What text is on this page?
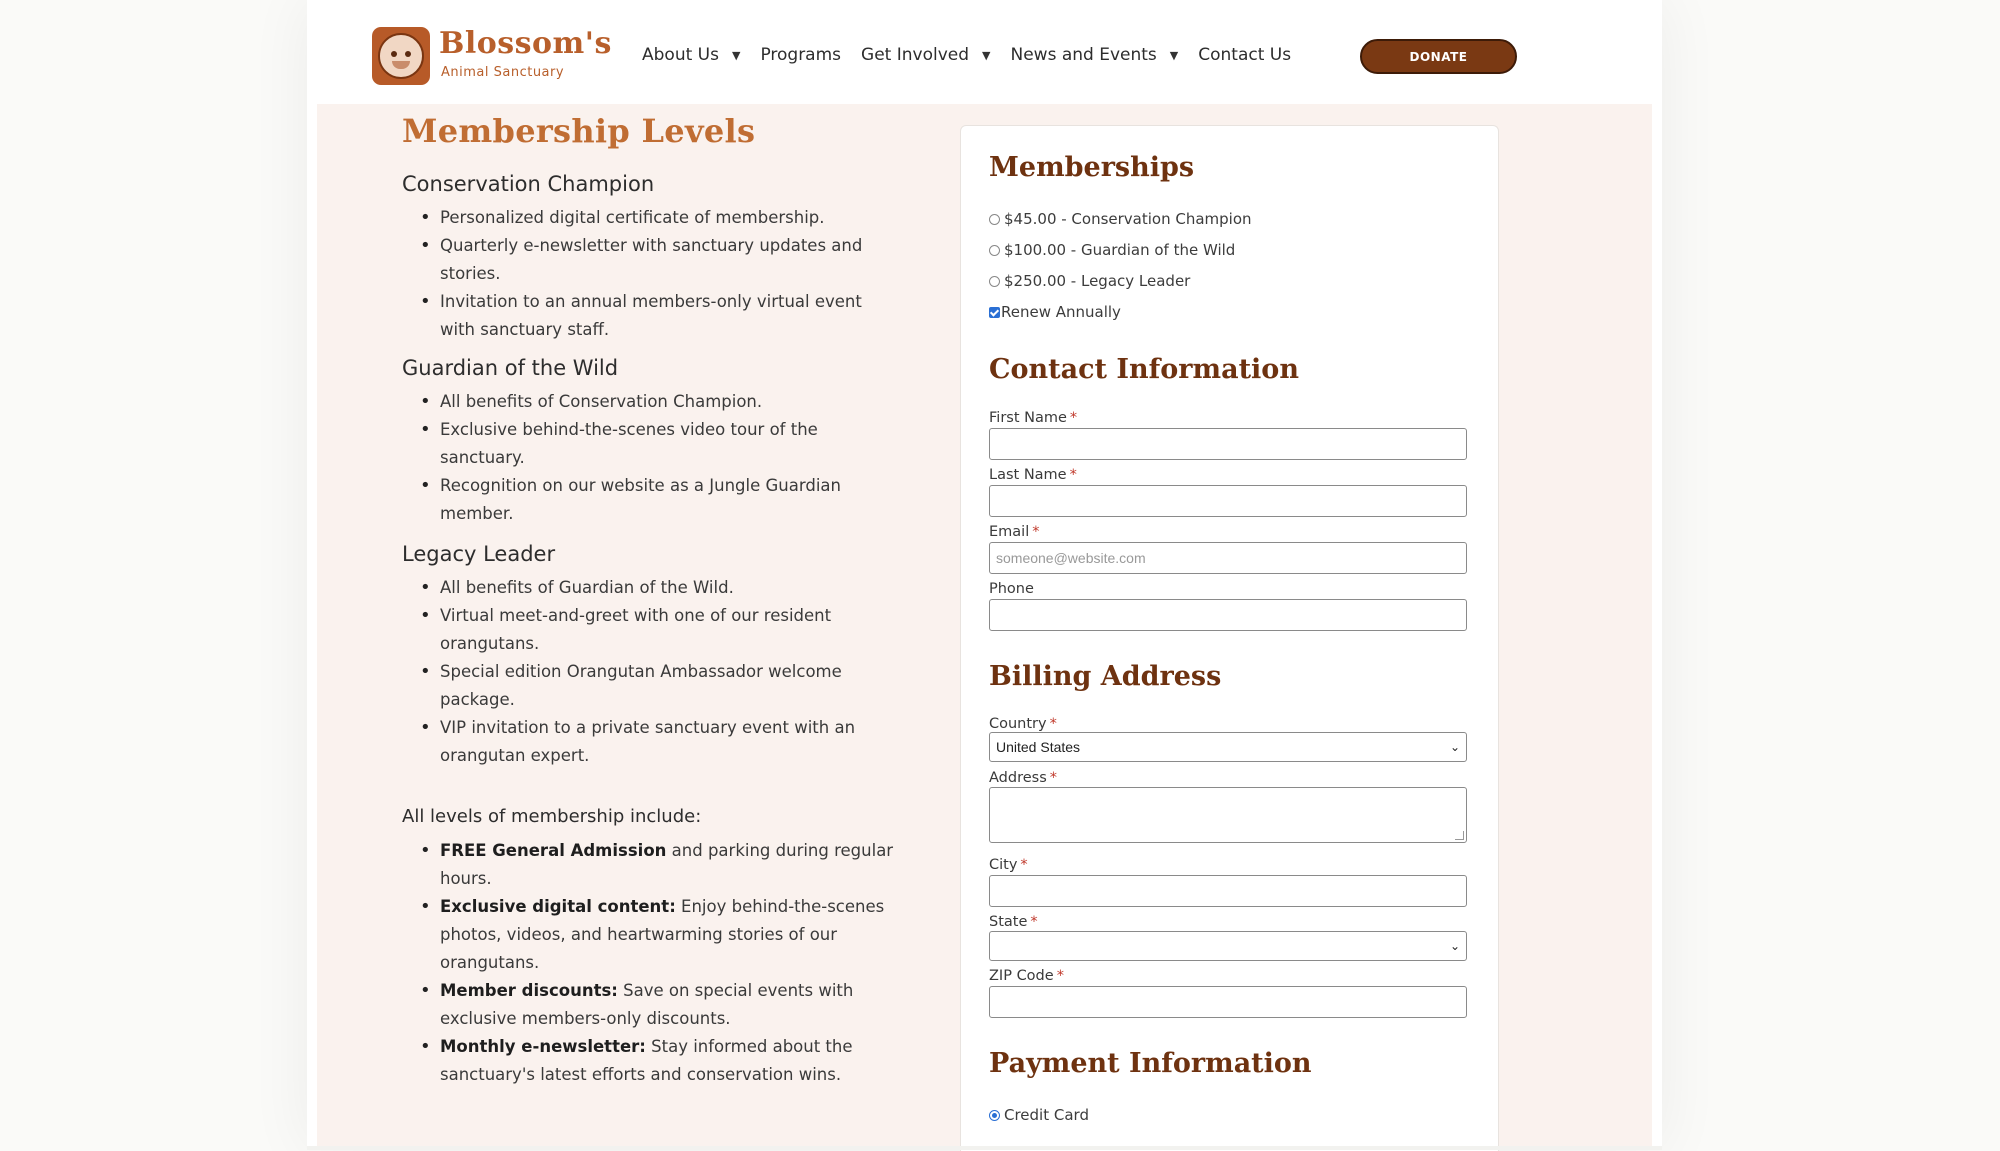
Blossom's
Animal Sanctuary
About Us ▼ Programs Get Involved ▼ News and Events ▼ Contact Us	DONATE
Membership Levels
Conservation Champion
• Personalized digital certificate of membership.
• Quarterly e-newsletter with sanctuary updates and stories.
• Invitation to an annual members-only virtual event with sanctuary staff.
Guardian of the Wild
• All benefits of Conservation Champion.
• Exclusive behind-the-scenes video tour of the sanctuary.
• Recognition on our website as a Jungle Guardian member.
Legacy Leader
• All benefits of Guardian of the Wild.
• Virtual meet-and-greet with one of our resident orangutans.
• Special edition Orangutan Ambassador welcome package.
• VIP invitation to a private sanctuary event with an orangutan expert.

All levels of membership include:

• FREE General Admission and parking during regular hours.
• Exclusive digital content: Enjoy behind-the-scenes photos, videos, and heartwarming stories of our orangutans.
• Member discounts: Save on special events with exclusive members-only discounts.
• Monthly e-newsletter: Stay informed about the sanctuary's latest efforts and conservation wins.
Memberships
$45.00 - Conservation Champion
$100.00 - Guardian of the Wild
$250.00 - Legacy Leader
Renew Annually
Contact Information
First Name *
Last Name *
Email *
someone@website.com
Phone
Billing Address
Country *
United States	⌄
Address *
City *
State *
⌄
ZIP Code *
Payment Information
Credit Card
